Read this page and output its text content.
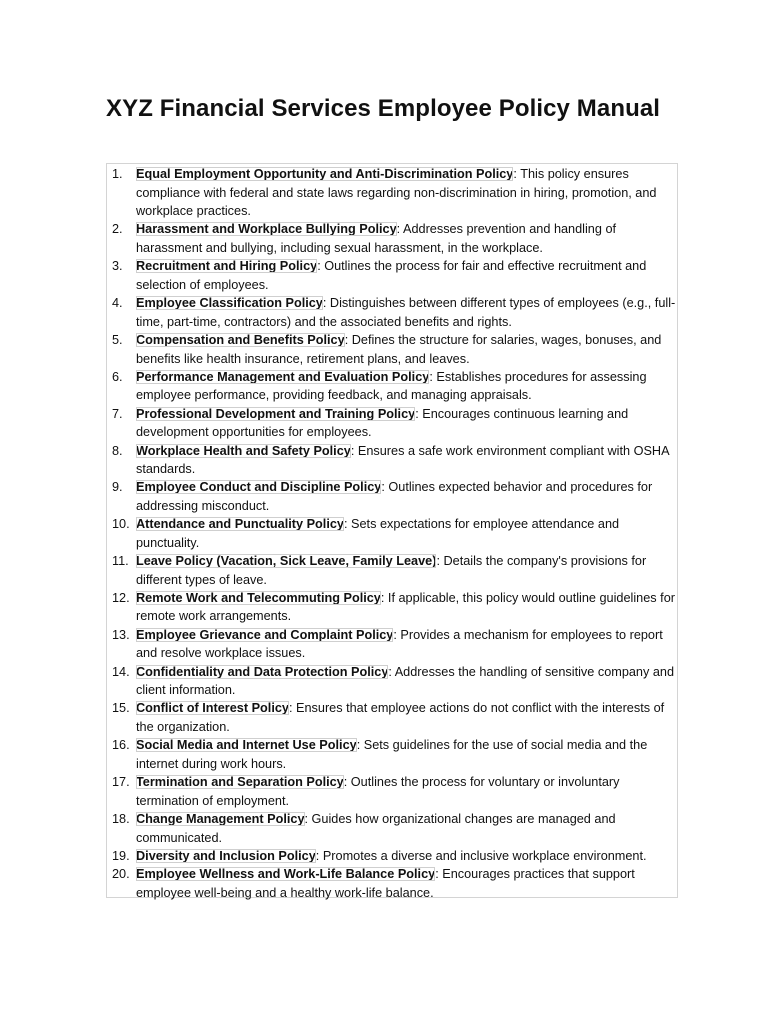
XYZ Financial Services Employee Policy Manual
1.	Equal Employment Opportunity and Anti-Discrimination Policy: This policy ensures compliance with federal and state laws regarding non-discrimination in hiring, promotion, and workplace practices.
2.	Harassment and Workplace Bullying Policy: Addresses prevention and handling of harassment and bullying, including sexual harassment, in the workplace.
3.	Recruitment and Hiring Policy: Outlines the process for fair and effective recruitment and selection of employees.
4.	Employee Classification Policy: Distinguishes between different types of employees (e.g., full-time, part-time, contractors) and the associated benefits and rights.
5.	Compensation and Benefits Policy: Defines the structure for salaries, wages, bonuses, and benefits like health insurance, retirement plans, and leaves.
6.	Performance Management and Evaluation Policy: Establishes procedures for assessing employee performance, providing feedback, and managing appraisals.
7.	Professional Development and Training Policy: Encourages continuous learning and development opportunities for employees.
8.	Workplace Health and Safety Policy: Ensures a safe work environment compliant with OSHA standards.
9.	Employee Conduct and Discipline Policy: Outlines expected behavior and procedures for addressing misconduct.
10. Attendance and Punctuality Policy: Sets expectations for employee attendance and punctuality.
11. Leave Policy (Vacation, Sick Leave, Family Leave): Details the company's provisions for different types of leave.
12. Remote Work and Telecommuting Policy: If applicable, this policy would outline guidelines for remote work arrangements.
13. Employee Grievance and Complaint Policy: Provides a mechanism for employees to report and resolve workplace issues.
14. Confidentiality and Data Protection Policy: Addresses the handling of sensitive company and client information.
15. Conflict of Interest Policy: Ensures that employee actions do not conflict with the interests of the organization.
16. Social Media and Internet Use Policy: Sets guidelines for the use of social media and the internet during work hours.
17. Termination and Separation Policy: Outlines the process for voluntary or involuntary termination of employment.
18. Change Management Policy: Guides how organizational changes are managed and communicated.
19. Diversity and Inclusion Policy: Promotes a diverse and inclusive workplace environment.
20. Employee Wellness and Work-Life Balance Policy: Encourages practices that support employee well-being and a healthy work-life balance.
